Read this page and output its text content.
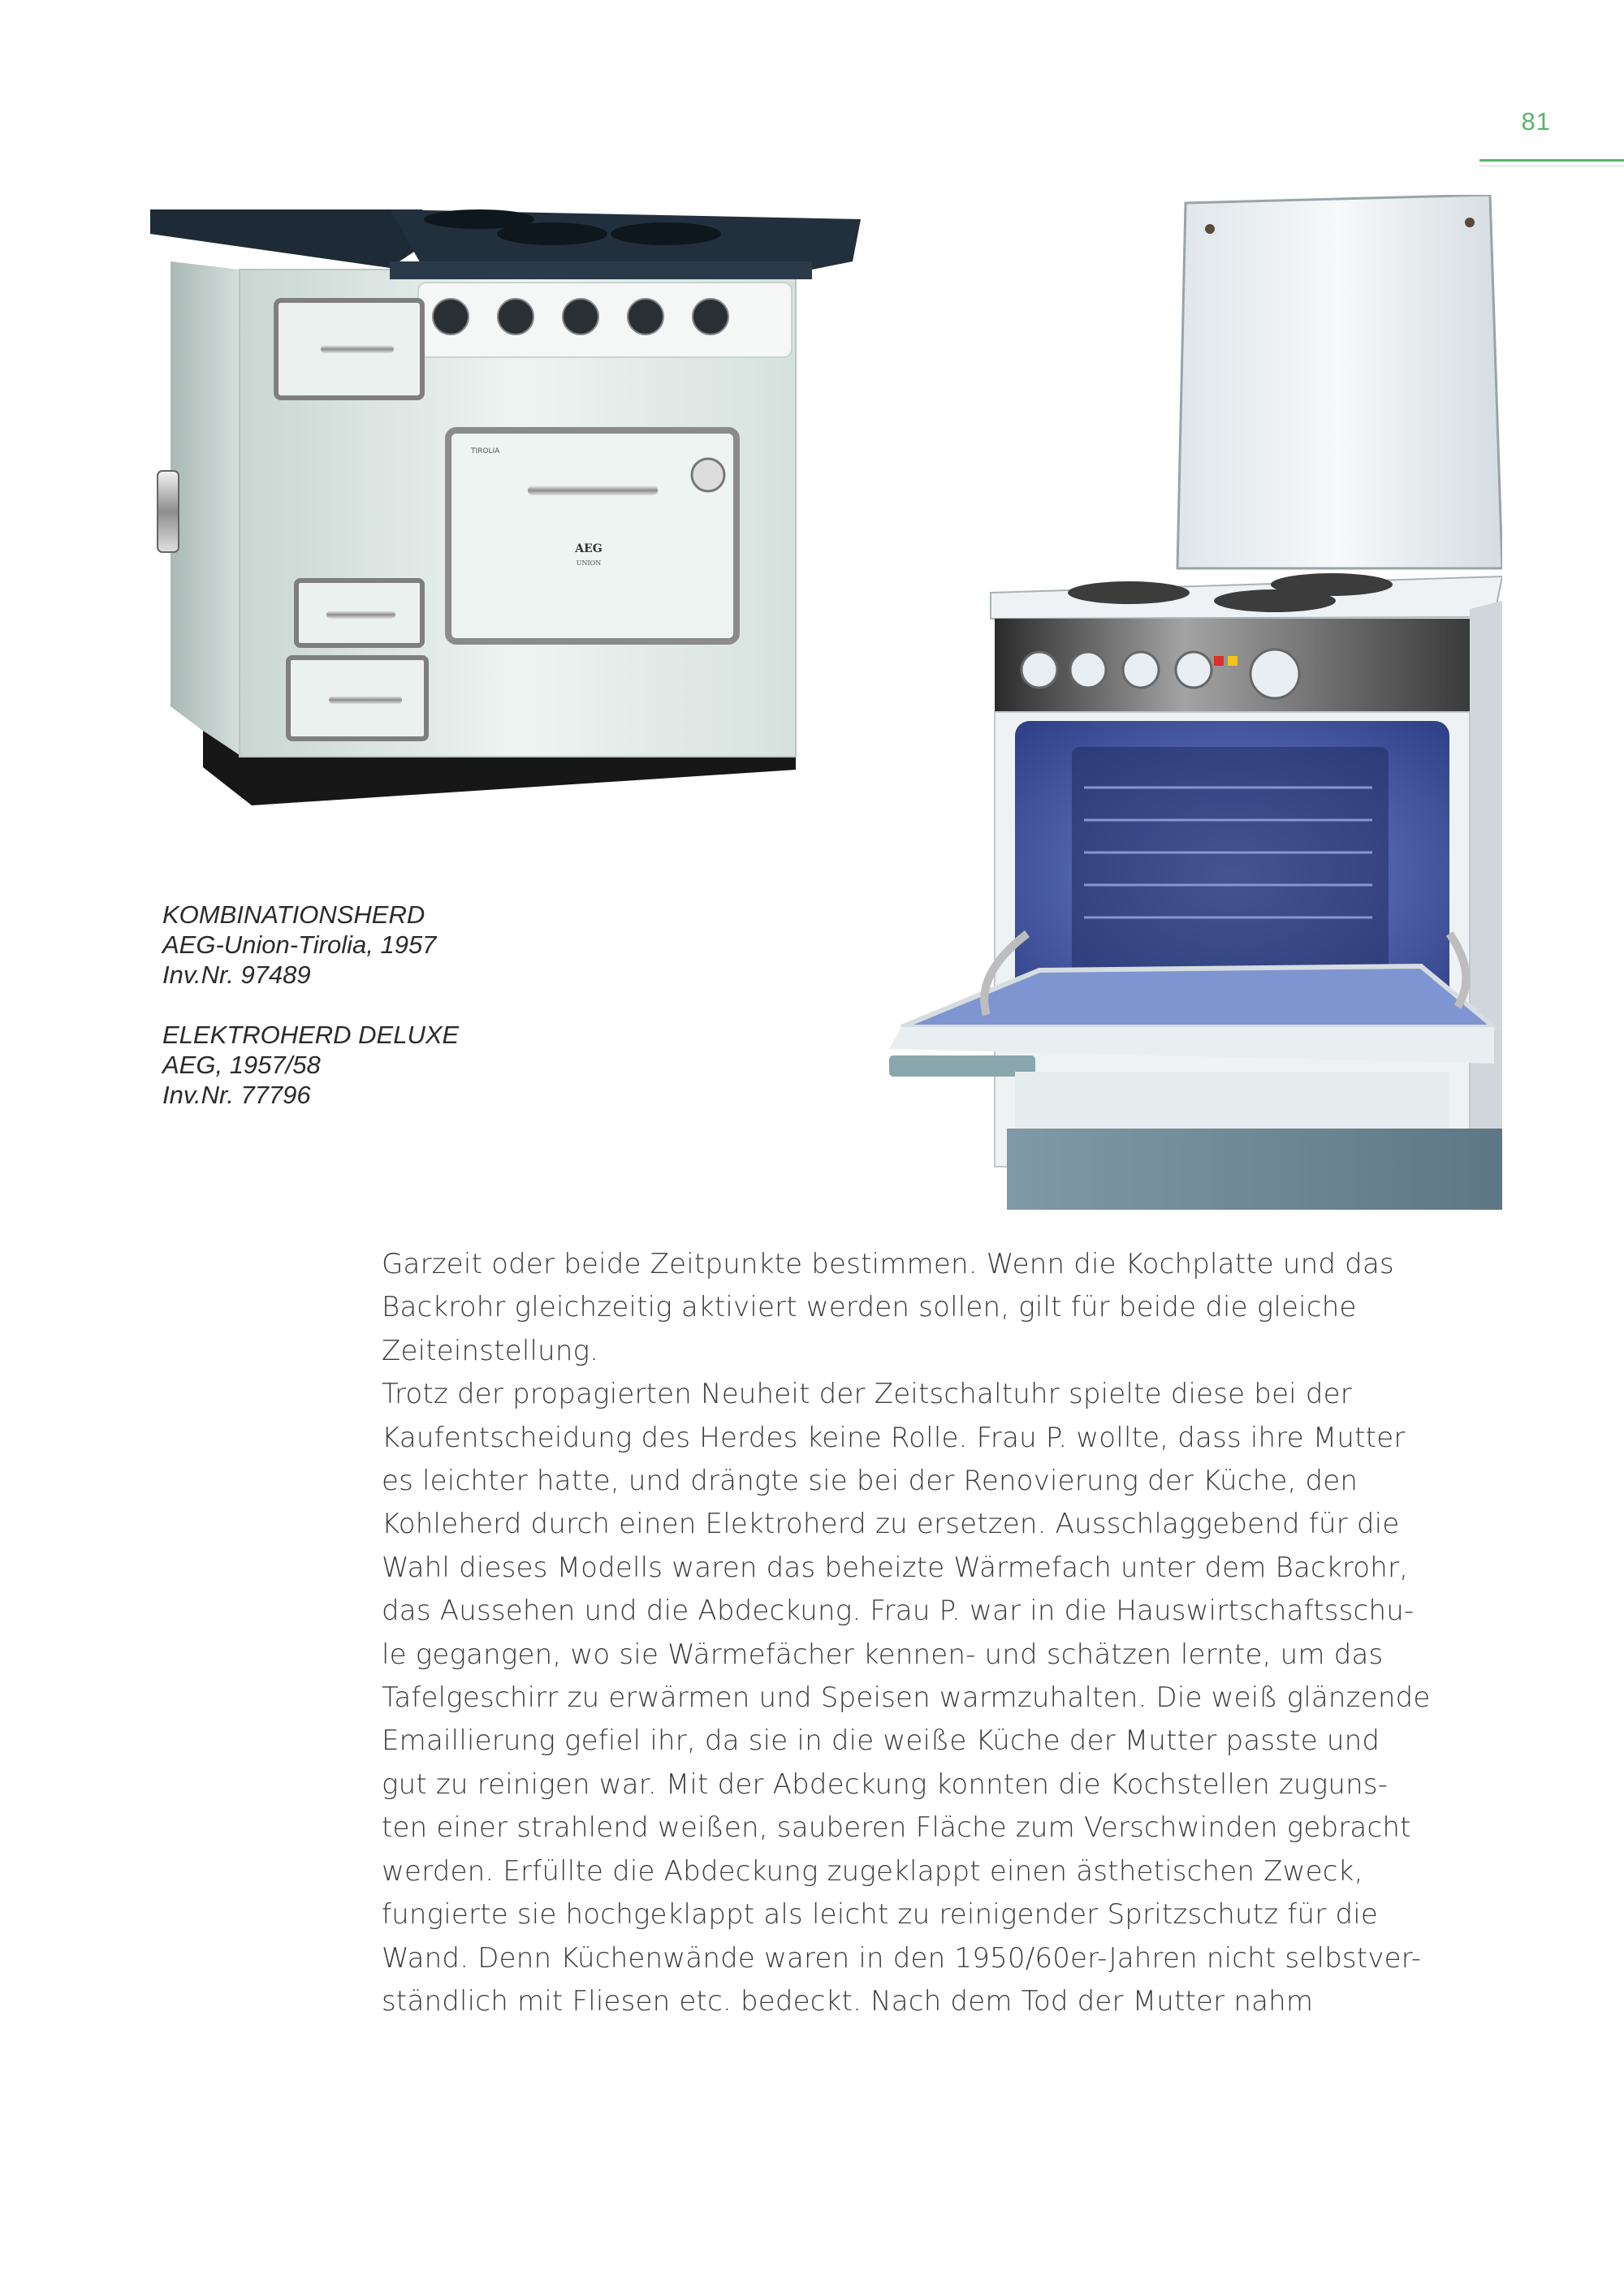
81
TIROLIA
AEG
UNION
KOMBINATIONSHERD
AEG-Union-Tirolia, 1957
Inv.Nr. 97489
ELEKTROHERD DELUXE
AEG, 1957/58
Inv.Nr. 77796
Garzeit oder beide Zeitpunkte bestimmen. Wenn die Kochplatte und das
Backrohr gleichzeitig aktiviert werden sollen, gilt für beide die gleiche
Zeiteinstellung.
Trotz der propagierten Neuheit der Zeitschaltuhr spielte diese bei der
Kaufentscheidung des Herdes keine Rolle. Frau P. wollte, dass ihre Mutter
es leichter hatte, und drängte sie bei der Renovierung der Küche, den
Kohleherd durch einen Elektroherd zu ersetzen. Ausschlaggebend für die
Wahl dieses Modells waren das beheizte Wärmefach unter dem Backrohr,
das Aussehen und die Abdeckung. Frau P. war in die Hauswirtschaftsschu-
le gegangen, wo sie Wärmefächer kennen- und schätzen lernte, um das
Tafelgeschirr zu erwärmen und Speisen warmzuhalten. Die weiß glänzende
Emaillierung gefiel ihr, da sie in die weiße Küche der Mutter passte und
gut zu reinigen war. Mit der Abdeckung konnten die Kochstellen zuguns-
ten einer strahlend weißen, sauberen Fläche zum Verschwinden gebracht
werden. Erfüllte die Abdeckung zugeklappt einen ästhetischen Zweck,
fungierte sie hochgeklappt als leicht zu reinigender Spritzschutz für die
Wand. Denn Küchenwände waren in den 1950/60er-Jahren nicht selbstver-
ständlich mit Fliesen etc. bedeckt. Nach dem Tod der Mutter nahm
